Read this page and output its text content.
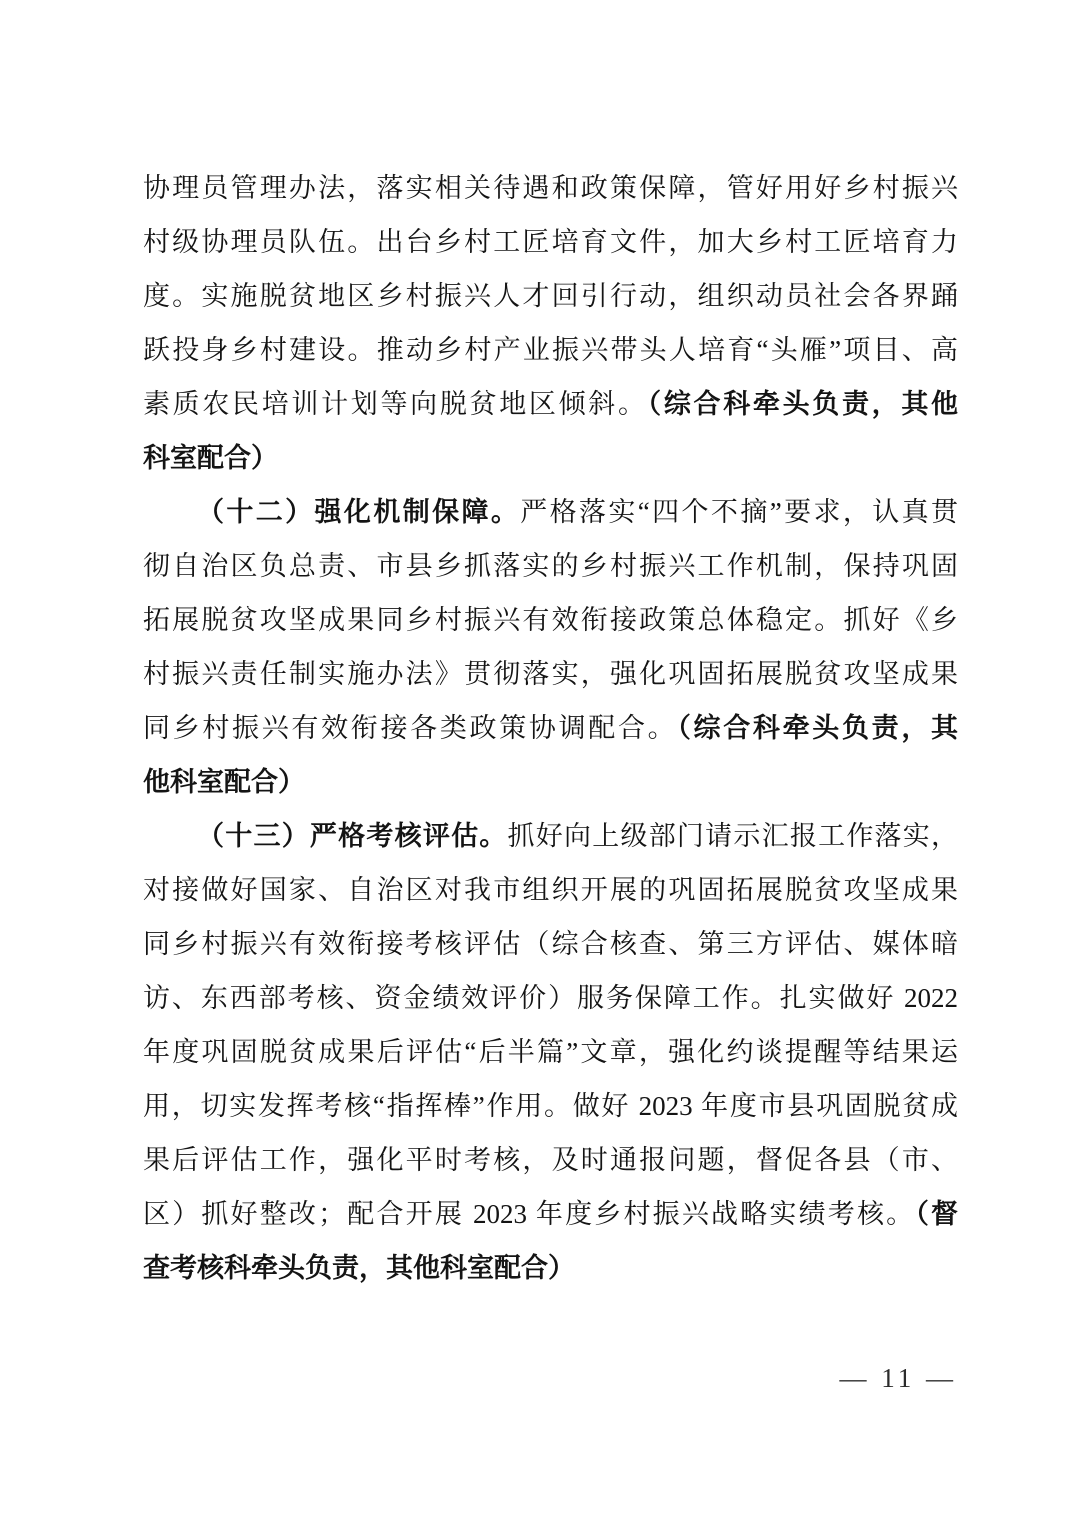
协理员管理办法，落实相关待遇和政策保障，管好用好乡村振兴
村级协理员队伍。出台乡村工匠培育文件，加大乡村工匠培育力
度。实施脱贫地区乡村振兴人才回引行动，组织动员社会各界踊
跃投身乡村建设。推动乡村产业振兴带头人培育“头雁”项目、高
素质农民培训计划等向脱贫地区倾斜。（综合科牵头负责，其他
科室配合）
（十二）强化机制保障。严格落实“四个不摘”要求，认真贯
彻自治区负总责、市县乡抓落实的乡村振兴工作机制，保持巩固
拓展脱贫攻坚成果同乡村振兴有效衔接政策总体稳定。抓好《乡
村振兴责任制实施办法》贯彻落实，强化巩固拓展脱贫攻坚成果
同乡村振兴有效衔接各类政策协调配合。（综合科牵头负责，其
他科室配合）
（十三）严格考核评估。抓好向上级部门请示汇报工作落实，
对接做好国家、自治区对我市组织开展的巩固拓展脱贫攻坚成果
同乡村振兴有效衔接考核评估（综合核查、第三方评估、媒体暗
访、东西部考核、资金绩效评价）服务保障工作。扎实做好 2022
年度巩固脱贫成果后评估“后半篇”文章，强化约谈提醒等结果运
用，切实发挥考核“指挥棒”作用。做好 2023 年度市县巩固脱贫成
果后评估工作，强化平时考核，及时通报问题，督促各县（市、
区）抓好整改；配合开展 2023 年度乡村振兴战略实绩考核。（督
查考核科牵头负责，其他科室配合）
— 11 —
